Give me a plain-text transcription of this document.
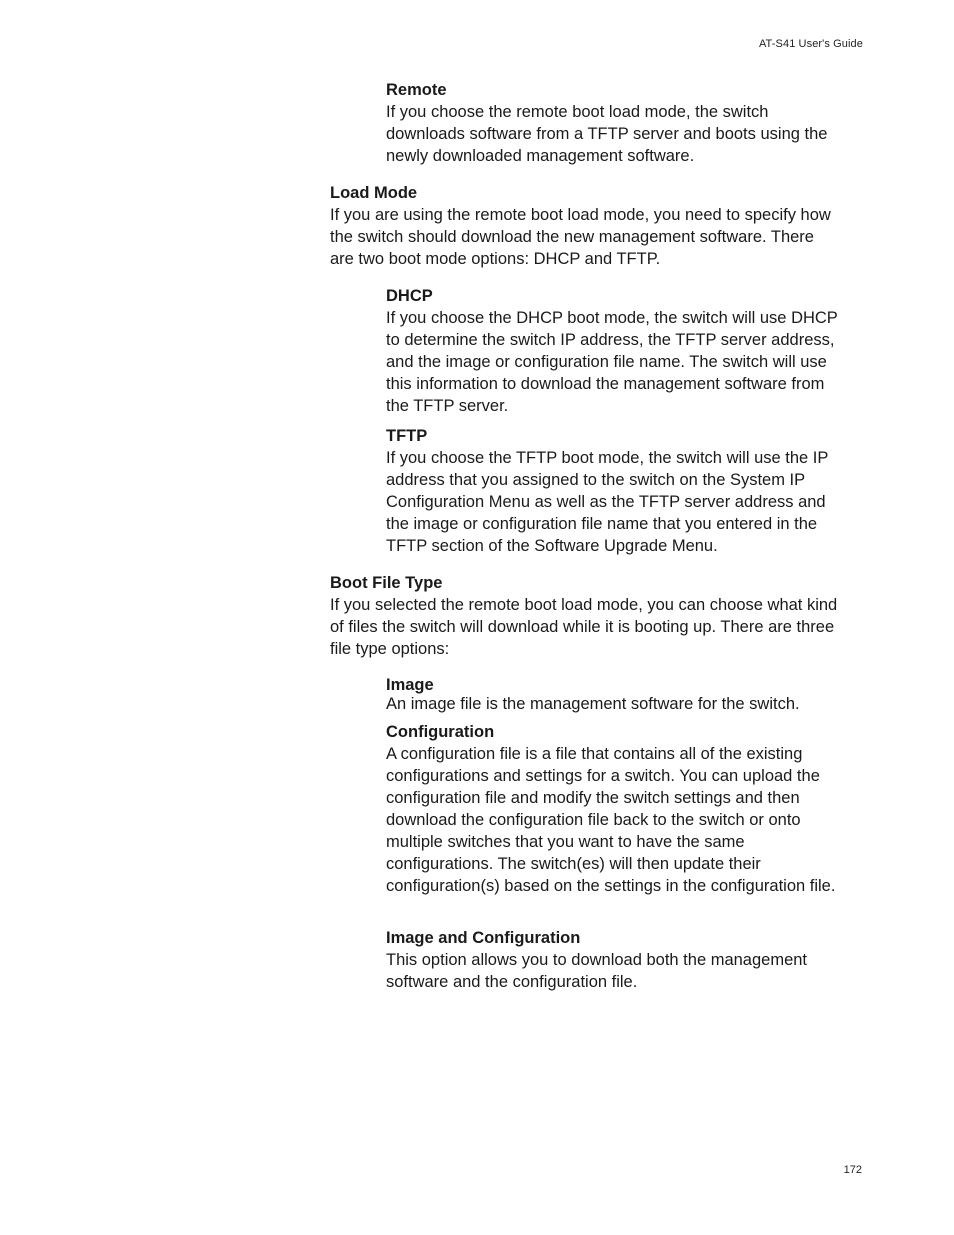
AT-S41 User's Guide
Remote
If you choose the remote boot load mode, the switch downloads software from a TFTP server and boots using the newly downloaded management software.
Load Mode
If you are using the remote boot load mode, you need to specify how the switch should download the new management software. There are two boot mode options: DHCP and TFTP.
DHCP
If you choose the DHCP boot mode, the switch will use DHCP to determine the switch IP address, the TFTP server address, and the image or configuration file name. The switch will use this information to download the management software from the TFTP server.
TFTP
If you choose the TFTP boot mode, the switch will use the IP address that you assigned to the switch on the System IP Configuration Menu as well as the TFTP server address and the image or configuration file name that you entered in the TFTP section of the Software Upgrade Menu.
Boot File Type
If you selected the remote boot load mode, you can choose what kind of files the switch will download while it is booting up. There are three file type options:
Image
An image file is the management software for the switch.
Configuration
A configuration file is a file that contains all of the existing configurations and settings for a switch. You can upload the configuration file and modify the switch settings and then download the configuration file back to the switch or onto multiple switches that you want to have the same configurations. The switch(es) will then update their configuration(s) based on the settings in the configuration file.
Image and Configuration
This option allows you to download both the management software and the configuration file.
172
